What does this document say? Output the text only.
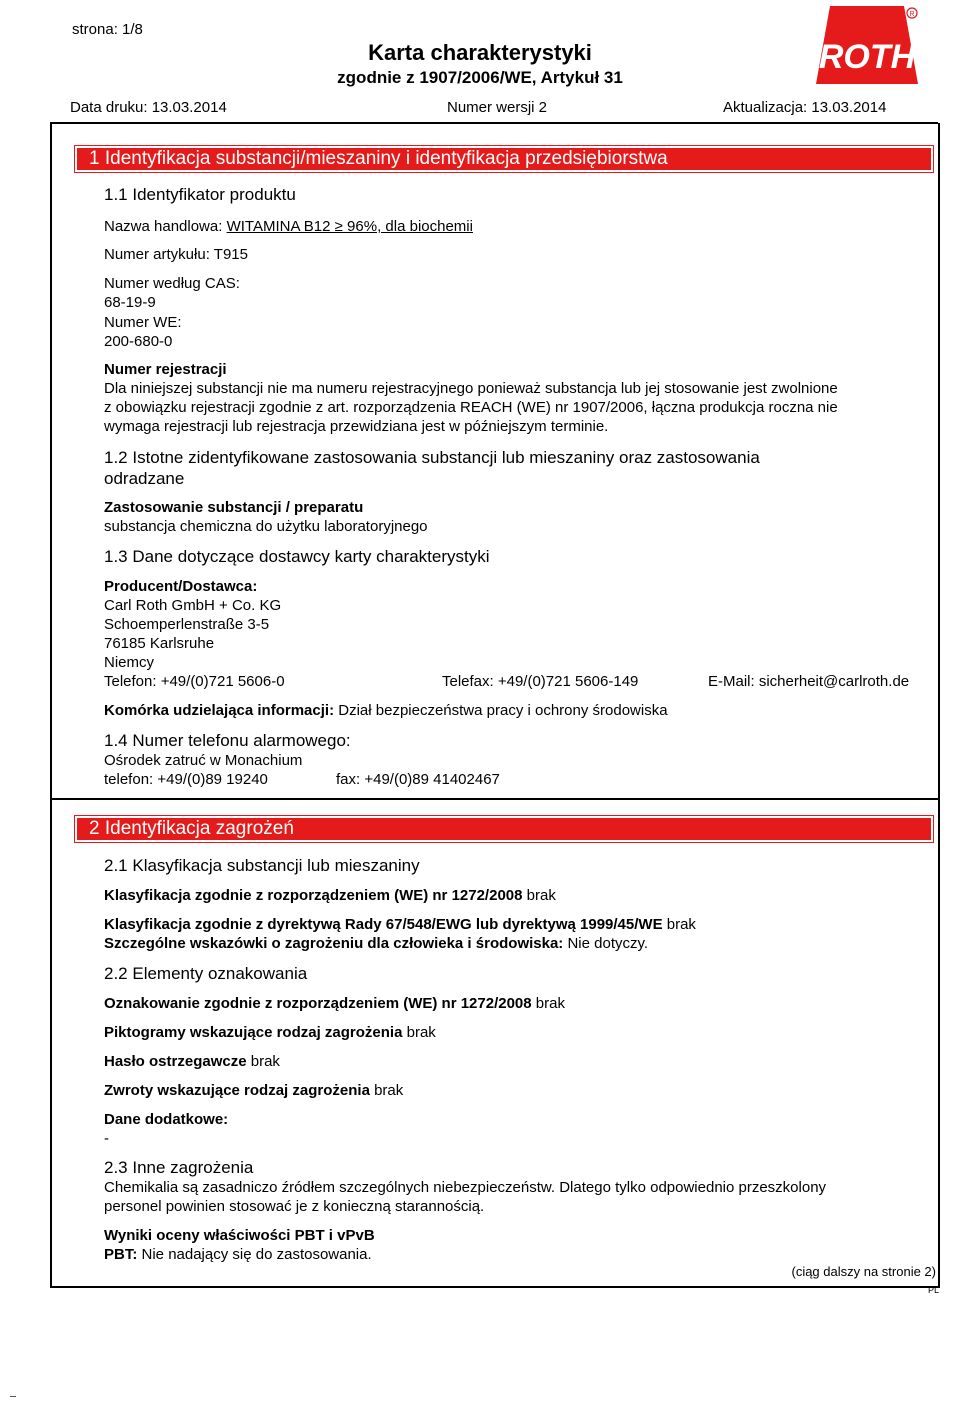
strona: 1/8
Karta charakterystyki
zgodnie z 1907/2006/WE, Artykuł 31
Data druku: 13.03.2014	Numer wersji 2	Aktualizacja: 13.03.2014
ROTH
R
1 Identyfikacja substancji/mieszaniny i identyfikacja przedsiębiorstwa
1.1 Identyfikator produktu
Nazwa handlowa: WITAMINA B12 ≥ 96%, dla biochemii
Numer artykułu: T915
Numer według CAS:
68-19-9
Numer WE:
200-680-0
Numer rejestracji
Dla niniejszej substancji nie ma numeru rejestracyjnego ponieważ substancja lub jej stosowanie jest zwolnione
z obowiązku rejestracji zgodnie z art. rozporządzenia REACH (WE) nr 1907/2006, łączna produkcja roczna nie
wymaga rejestracji lub rejestracja przewidziana jest w późniejszym terminie.
1.2 Istotne zidentyfikowane zastosowania substancji lub mieszaniny oraz zastosowania
odradzane
Zastosowanie substancji / preparatu
substancja chemiczna do użytku laboratoryjnego
1.3 Dane dotyczące dostawcy karty charakterystyki
Producent/Dostawca:
Carl Roth GmbH + Co. KG
Schoemperlenstraße 3-5
76185 Karlsruhe
Niemcy
Telefon: +49/(0)721 5606-0	Telefax: +49/(0)721 5606-149	E-Mail: sicherheit@carlroth.de
Komórka udzielająca informacji: Dział bezpieczeństwa pracy i ochrony środowiska
1.4 Numer telefonu alarmowego:
Ośrodek zatruć w Monachium
telefon: +49/(0)89 19240	fax: +49/(0)89 41402467
2 Identyfikacja zagrożeń
2.1 Klasyfikacja substancji lub mieszaniny
Klasyfikacja zgodnie z rozporządzeniem (WE) nr 1272/2008 brak
Klasyfikacja zgodnie z dyrektywą Rady 67/548/EWG lub dyrektywą 1999/45/WE brak
Szczególne wskazówki o zagrożeniu dla człowieka i środowiska: Nie dotyczy.
2.2 Elementy oznakowania
Oznakowanie zgodnie z rozporządzeniem (WE) nr 1272/2008 brak
Piktogramy wskazujące rodzaj zagrożenia brak
Hasło ostrzegawcze brak
Zwroty wskazujące rodzaj zagrożenia brak
Dane dodatkowe:
-
2.3 Inne zagrożenia
Chemikalia są zasadniczo źródłem szczególnych niebezpieczeństw. Dlatego tylko odpowiednio przeszkolony
personel powinien stosować je z konieczną starannością.
Wyniki oceny właściwości PBT i vPvB
PBT: Nie nadający się do zastosowania.
(ciąg dalszy na stronie 2)
PL
